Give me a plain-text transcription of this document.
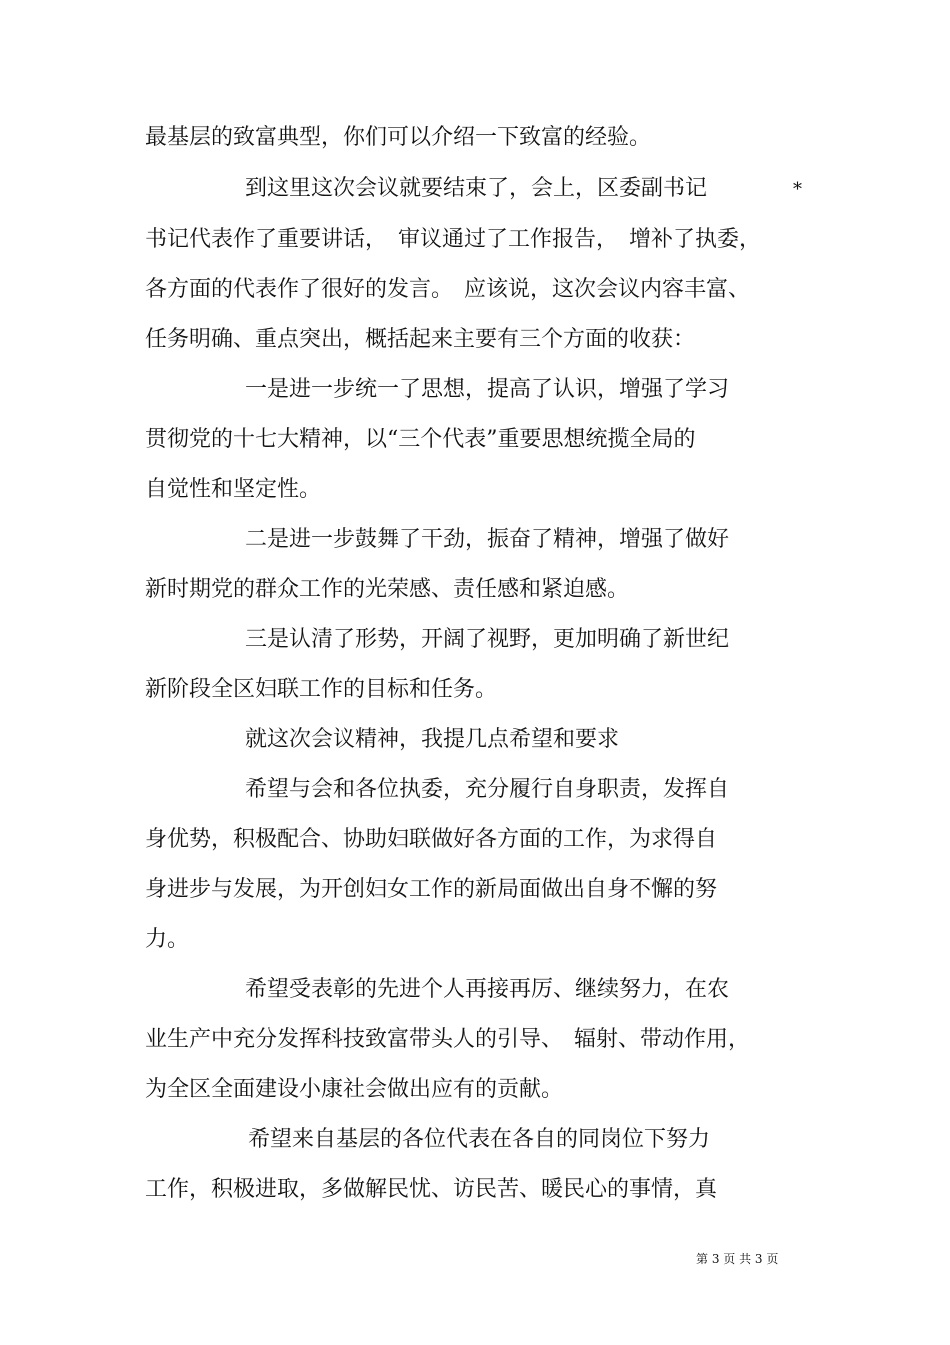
最基层的致富典型，你们可以介绍一下致富的经验。
到这里这次会议就要结束了，会上，区委副书记	*
书记代表作了重要讲话，　审议通过了工作报告，　增补了执委，
各方面的代表作了很好的发言。　应该说，这次会议内容丰富、
任务明确、重点突出，概括起来主要有三个方面的收获：
一是进一步统一了思想，提高了认识，增强了学习
贯彻党的十七大精神，以“三个代表”重要思想统揽全局的
自觉性和坚定性。
二是进一步鼓舞了干劲，振奋了精神，增强了做好
新时期党的群众工作的光荣感、责任感和紧迫感。
三是认清了形势，开阔了视野，更加明确了新世纪
新阶段全区妇联工作的目标和任务。
就这次会议精神，我提几点希望和要求
希望与会和各位执委，充分履行自身职责，发挥自
身优势，积极配合、协助妇联做好各方面的工作，为求得自
身进步与发展，为开创妇女工作的新局面做出自身不懈的努
力。
希望受表彰的先进个人再接再厉、继续努力，在农
业生产中充分发挥科技致富带头人的引导、　辐射、带动作用，
为全区全面建设小康社会做出应有的贡献。
希望来自基层的各位代表在各自的同岗位下努力
工作，积极进取，多做解民忧、访民苦、暖民心的事情，真
第 3 页 共 3 页
